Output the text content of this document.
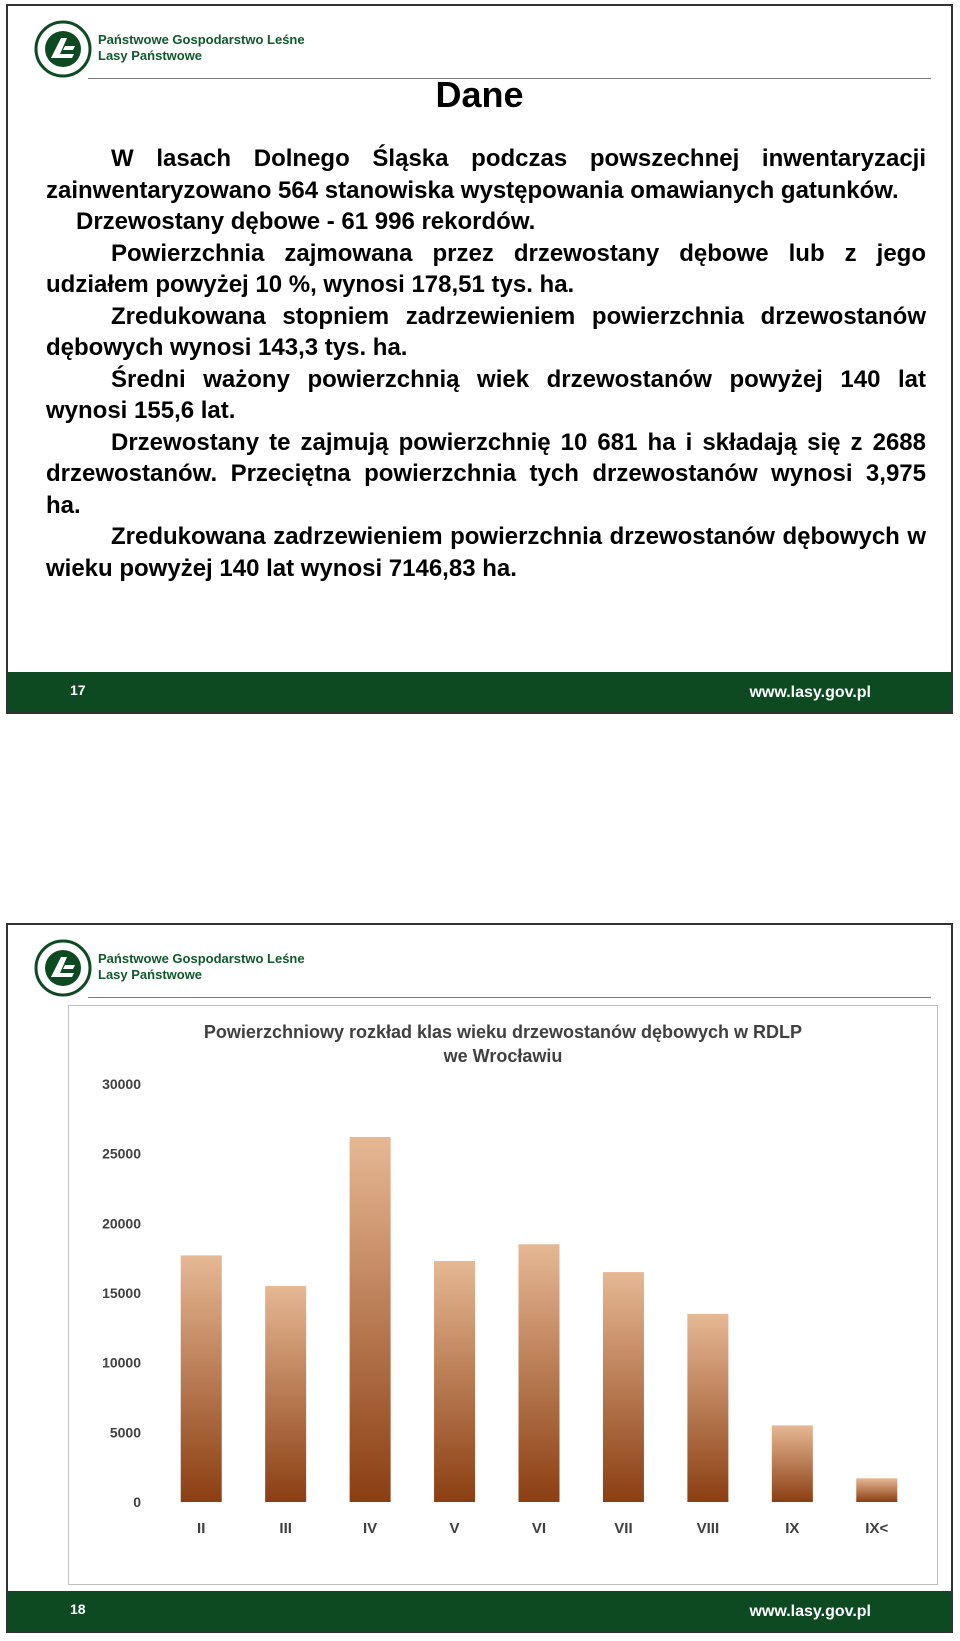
Państwowe Gospodarstwo Leśne
Lasy Państwowe
Dane

W lasach Dolnego Śląska podczas powszechnej inwentaryzacji zainwentaryzowano 564 stanowiska występowania omawianych gatunków.

Drzewostany dębowe - 61 996 rekordów.

Powierzchnia zajmowana przez drzewostany dębowe lub z jego udziałem powyżej 10 %, wynosi 178,51 tys. ha.

Zredukowana stopniem zadrzewieniem powierzchnia drzewostanów dębowych wynosi 143,3 tys. ha.

Średni ważony powierzchnią wiek drzewostanów powyżej 140 lat wynosi 155,6 lat.

Drzewostany te zajmują powierzchnię 10 681 ha i składają się z 2688 drzewostanów. Przeciętna powierzchnia tych drzewostanów wynosi 3,975 ha.

Zredukowana zadrzewieniem powierzchnia drzewostanów dębowych w wieku powyżej 140 lat wynosi 7146,83 ha.

17	www.lasy.gov.pl
Państwowe Gospodarstwo Leśne
Lasy Państwowe
0
5000
10000
15000
20000
25000
30000
II	III	IV	V	VI	VII	VIII	IX	IX<
Powierzchniowy rozkład klas wieku drzewostanów dębowych w RDLP
we Wrocławiu
18	www.lasy.gov.pl
